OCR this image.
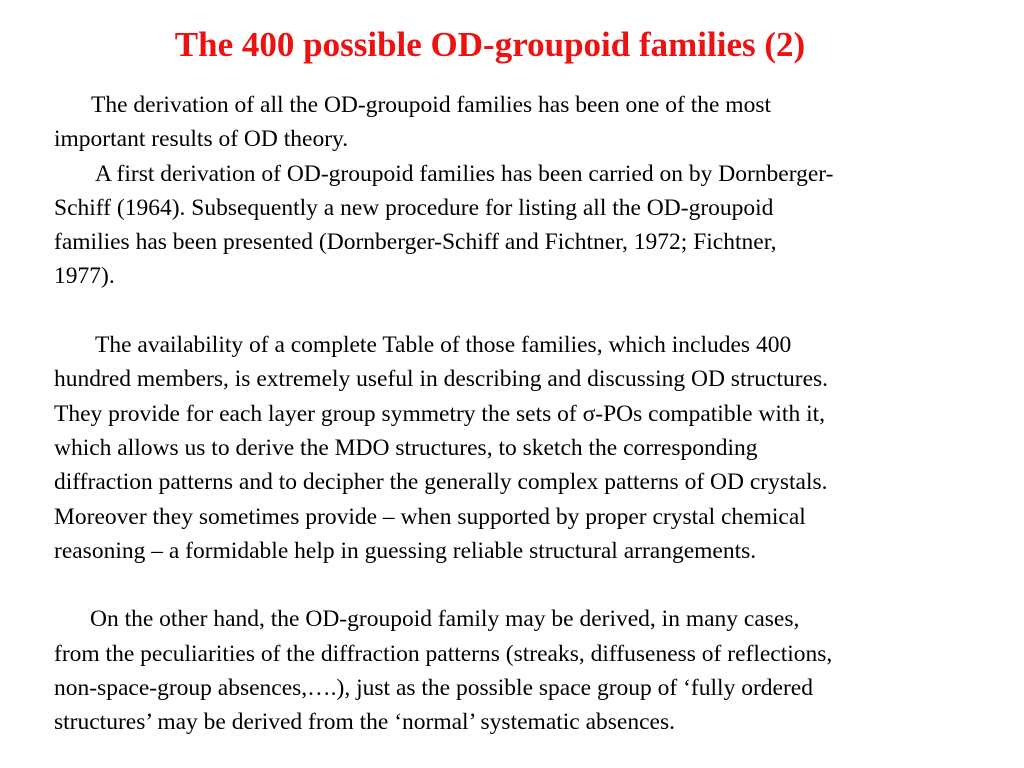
The 400 possible OD-groupoid families (2)
The derivation of all the OD-groupoid families has been one of the most
important results of OD theory.
A first derivation of OD-groupoid families has been carried on by Dornberger-
Schiff (1964). Subsequently a new procedure for listing all the OD-groupoid
families has been presented (Dornberger-Schiff and Fichtner, 1972; Fichtner,
1977).
The availability of a complete Table of those families, which includes 400
hundred members, is extremely useful in describing and discussing OD structures.
They provide for each layer group symmetry the sets of σ-POs compatible with it,
which allows us to derive the MDO structures, to sketch the corresponding
diffraction patterns and to decipher the generally complex patterns of OD crystals.
Moreover they sometimes provide – when supported by proper crystal chemical
reasoning – a formidable help in guessing reliable structural arrangements.
On the other hand, the OD-groupoid family may be derived, in many cases,
from the peculiarities of the diffraction patterns (streaks, diffuseness of reflections,
non-space-group absences,….), just as the possible space group of ‘fully ordered
structures’ may be derived from the ‘normal’ systematic absences.
